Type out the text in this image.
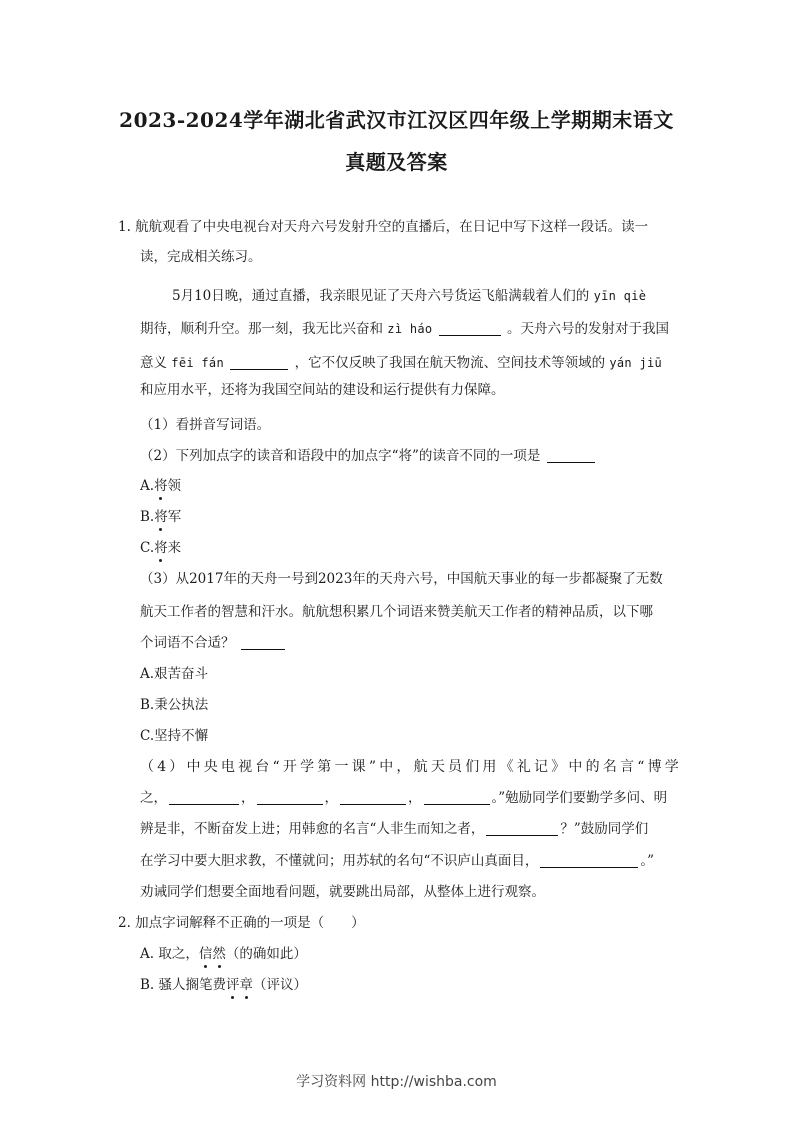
2023-2024学年湖北省武汉市江汉区四年级上学期期末语文
真题及答案
1. 航航观看了中央电视台对天舟六号发射升空的直播后，在日记中写下这样一段话。读一
读，完成相关练习。
5月10日晚，通过直播，我亲眼见证了天舟六号货运飞船满载着人们的 yīn qiè
期待，顺利升空。那一刻，我无比兴奋和 zì háo	。天舟六号的发射对于我国
意义 fēi fán	，它不仅反映了我国在航天物流、空间技术等领域的 yán jiū
和应用水平，还将为我国空间站的建设和运行提供有力保障。
（1）看拼音写词语。
（2）下列加点字的读音和语段中的加点字“将”的读音不同的一项是
A.将领
B.将军
C.将来
（3）从2017年的天舟一号到2023年的天舟六号，中国航天事业的每一步都凝聚了无数
航天工作者的智慧和汗水。航航想积累几个词语来赞美航天工作者的精神品质，以下哪
个词语不合适？
A.艰苦奋斗
B.秉公执法
C.坚持不懈
（4）中央电视台“开学第一课”中，航天员们用《礼记》中的名言“博学
之，	，	，	，	。”勉励同学们要勤学多问、明
辨是非，不断奋发上进；用韩愈的名言“人非生而知之者，	？”鼓励同学们
在学习中要大胆求教，不懂就问；用苏轼的名句“不识庐山真面目，	。”
劝诫同学们想要全面地看问题，就要跳出局部，从整体上进行观察。
2. 加点字词解释不正确的一项是（　　）
A. 取之，信然（的确如此）
B. 骚人搁笔费评章（评议）
学习资料网 http://wishba.com
